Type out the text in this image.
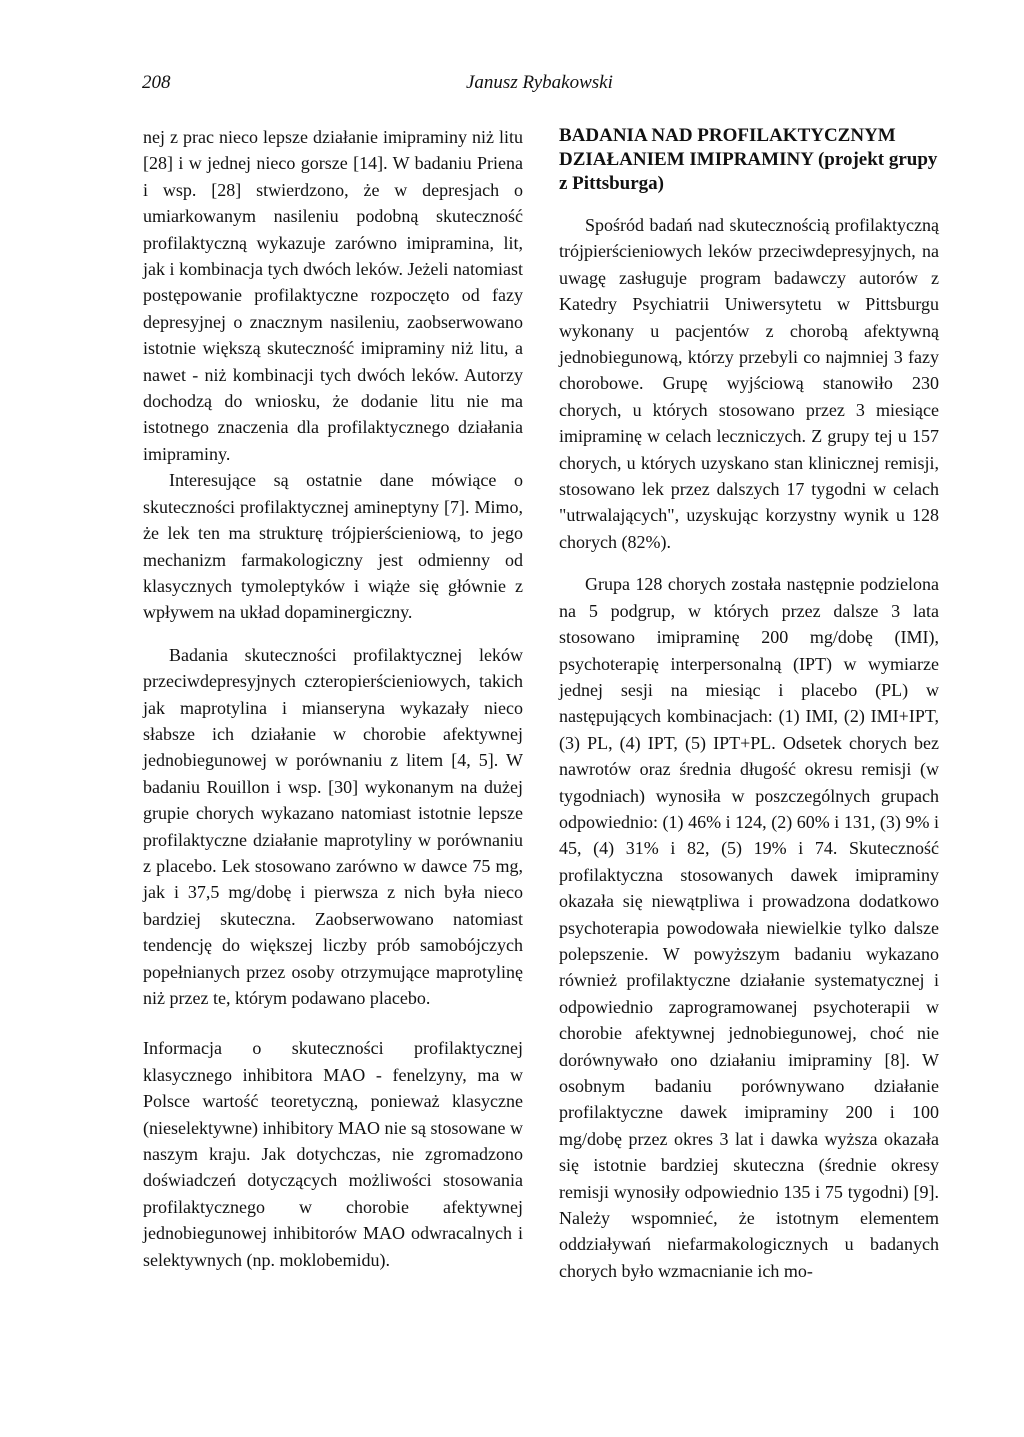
208	Janusz Rybakowski

nej z prac nieco lepsze działanie imipraminy niż litu [28] i w jednej nieco gorsze [14]. W badaniu Priena i wsp. [28] stwierdzono, że w depresjach o umiarkowanym nasileniu podobną skuteczność profilaktyczną wykazuje zarówno imipramina, lit, jak i kombinacja tych dwóch leków. Jeżeli natomiast postępowanie profilaktyczne rozpoczęto od fazy depresyjnej o znacznym nasileniu, zaobserwowano istotnie większą skuteczność imipraminy niż litu, a nawet - niż kombinacji tych dwóch leków. Autorzy dochodzą do wniosku, że dodanie litu nie ma istotnego znaczenia dla profilaktycznego działania imipraminy.

Interesujące są ostatnie dane mówiące o skuteczności profilaktycznej amineptyny [7]. Mimo, że lek ten ma strukturę trójpierścieniową, to jego mechanizm farmakologiczny jest odmienny od klasycznych tymoleptyków i wiąże się głównie z wpływem na układ dopaminergiczny.

Badania skuteczności profilaktycznej leków przeciwdepresyjnych czteropierścieniowych, takich jak maprotylina i mianseryna wykazały nieco słabsze ich działanie w chorobie afektywnej jednobiegunowej w porównaniu z litem [4, 5]. W badaniu Rouillon i wsp. [30] wykonanym na dużej grupie chorych wykazano natomiast istotnie lepsze profilaktyczne działanie maprotyliny w porównaniu z placebo. Lek stosowano zarówno w dawce 75 mg, jak i 37,5 mg/dobę i pierwsza z nich była nieco bardziej skuteczna. Zaobserwowano natomiast tendencję do większej liczby prób samobójczych popełnianych przez osoby otrzymujące maprotylinę niż przez te, którym podawano placebo.

Informacja o skuteczności profilaktycznej klasycznego inhibitora MAO - fenelzyny, ma w Polsce wartość teoretyczną, ponieważ klasyczne (nieselektywne) inhibitory MAO nie są stosowane w naszym kraju. Jak dotychczas, nie zgromadzono doświadczeń dotyczących możliwości stosowania profilaktycznego w chorobie afektywnej jednobiegunowej inhibitorów MAO odwracalnych i selektywnych (np. moklobemidu).

BADANIA NAD PROFILAKTYCZNYM DZIAŁANIEM IMIPRAMINY (projekt grupy z Pittsburga)

Spośród badań nad skutecznością profilaktyczną trójpierścieniowych leków przeciwdepresyjnych, na uwagę zasługuje program badawczy autorów z Katedry Psychiatrii Uniwersytetu w Pittsburgu wykonany u pacjentów z chorobą afektywną jednobiegunową, którzy przebyli co najmniej 3 fazy chorobowe. Grupę wyjściową stanowiło 230 chorych, u których stosowano przez 3 miesiące imipraminę w celach leczniczych. Z grupy tej u 157 chorych, u których uzyskano stan klinicznej remisji, stosowano lek przez dalszych 17 tygodni w celach "utrwalających", uzyskując korzystny wynik u 128 chorych (82%).

Grupa 128 chorych została następnie podzielona na 5 podgrup, w których przez dalsze 3 lata stosowano imipraminę 200 mg/dobę (IMI), psychoterapię interpersonalną (IPT) w wymiarze jednej sesji na miesiąc i placebo (PL) w następujących kombinacjach: (1) IMI, (2) IMI+IPT, (3) PL, (4) IPT, (5) IPT+PL. Odsetek chorych bez nawrotów oraz średnia długość okresu remisji (w tygodniach) wynosiła w poszczególnych grupach odpowiednio: (1) 46% i 124, (2) 60% i 131, (3) 9% i 45, (4) 31% i 82, (5) 19% i 74. Skuteczność profilaktyczna stosowanych dawek imipraminy okazała się niewątpliwa i prowadzona dodatkowo psychoterapia powodowała niewielkie tylko dalsze polepszenie. W powyższym badaniu wykazano również profilaktyczne działanie systematycznej i odpowiednio zaprogramowanej psychoterapii w chorobie afektywnej jednobiegunowej, choć nie dorównywało ono działaniu imipraminy [8]. W osobnym badaniu porównywano działanie profilaktyczne dawek imipraminy 200 i 100 mg/dobę przez okres 3 lat i dawka wyższa okazała się istotnie bardziej skuteczna (średnie okresy remisji wynosiły odpowiednio 135 i 75 tygodni) [9]. Należy wspomnieć, że istotnym elementem oddziaływań niefarmakologicznych u badanych chorych było wzmacnianie ich mo-
